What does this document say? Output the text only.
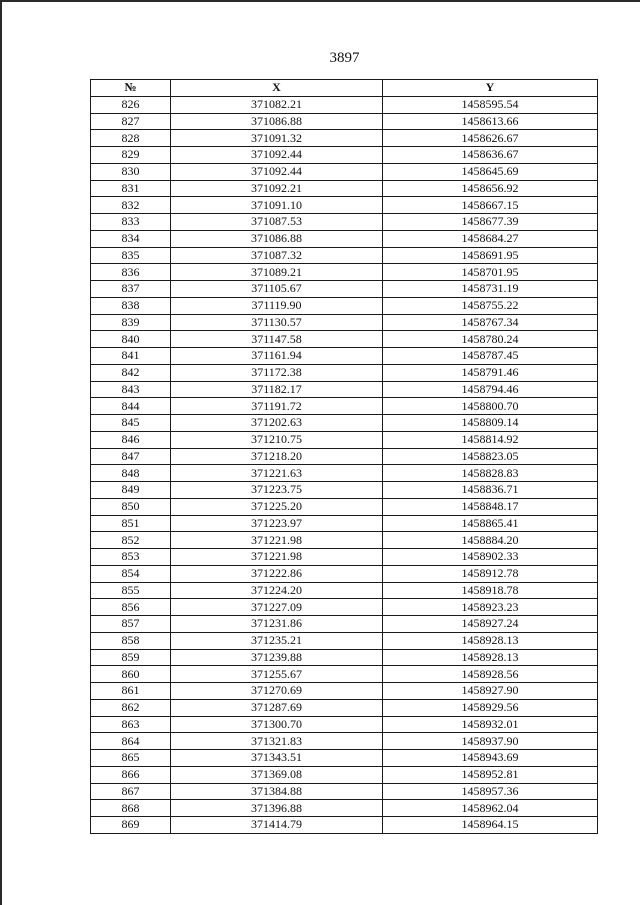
3897
№	X	Y
826	371082.21	1458595.54
827	371086.88	1458613.66
828	371091.32	1458626.67
829	371092.44	1458636.67
830	371092.44	1458645.69
831	371092.21	1458656.92
832	371091.10	1458667.15
833	371087.53	1458677.39
834	371086.88	1458684.27
835	371087.32	1458691.95
836	371089.21	1458701.95
837	371105.67	1458731.19
838	371119.90	1458755.22
839	371130.57	1458767.34
840	371147.58	1458780.24
841	371161.94	1458787.45
842	371172.38	1458791.46
843	371182.17	1458794.46
844	371191.72	1458800.70
845	371202.63	1458809.14
846	371210.75	1458814.92
847	371218.20	1458823.05
848	371221.63	1458828.83
849	371223.75	1458836.71
850	371225.20	1458848.17
851	371223.97	1458865.41
852	371221.98	1458884.20
853	371221.98	1458902.33
854	371222.86	1458912.78
855	371224.20	1458918.78
856	371227.09	1458923.23
857	371231.86	1458927.24
858	371235.21	1458928.13
859	371239.88	1458928.13
860	371255.67	1458928.56
861	371270.69	1458927.90
862	371287.69	1458929.56
863	371300.70	1458932.01
864	371321.83	1458937.90
865	371343.51	1458943.69
866	371369.08	1458952.81
867	371384.88	1458957.36
868	371396.88	1458962.04
869	371414.79	1458964.15
